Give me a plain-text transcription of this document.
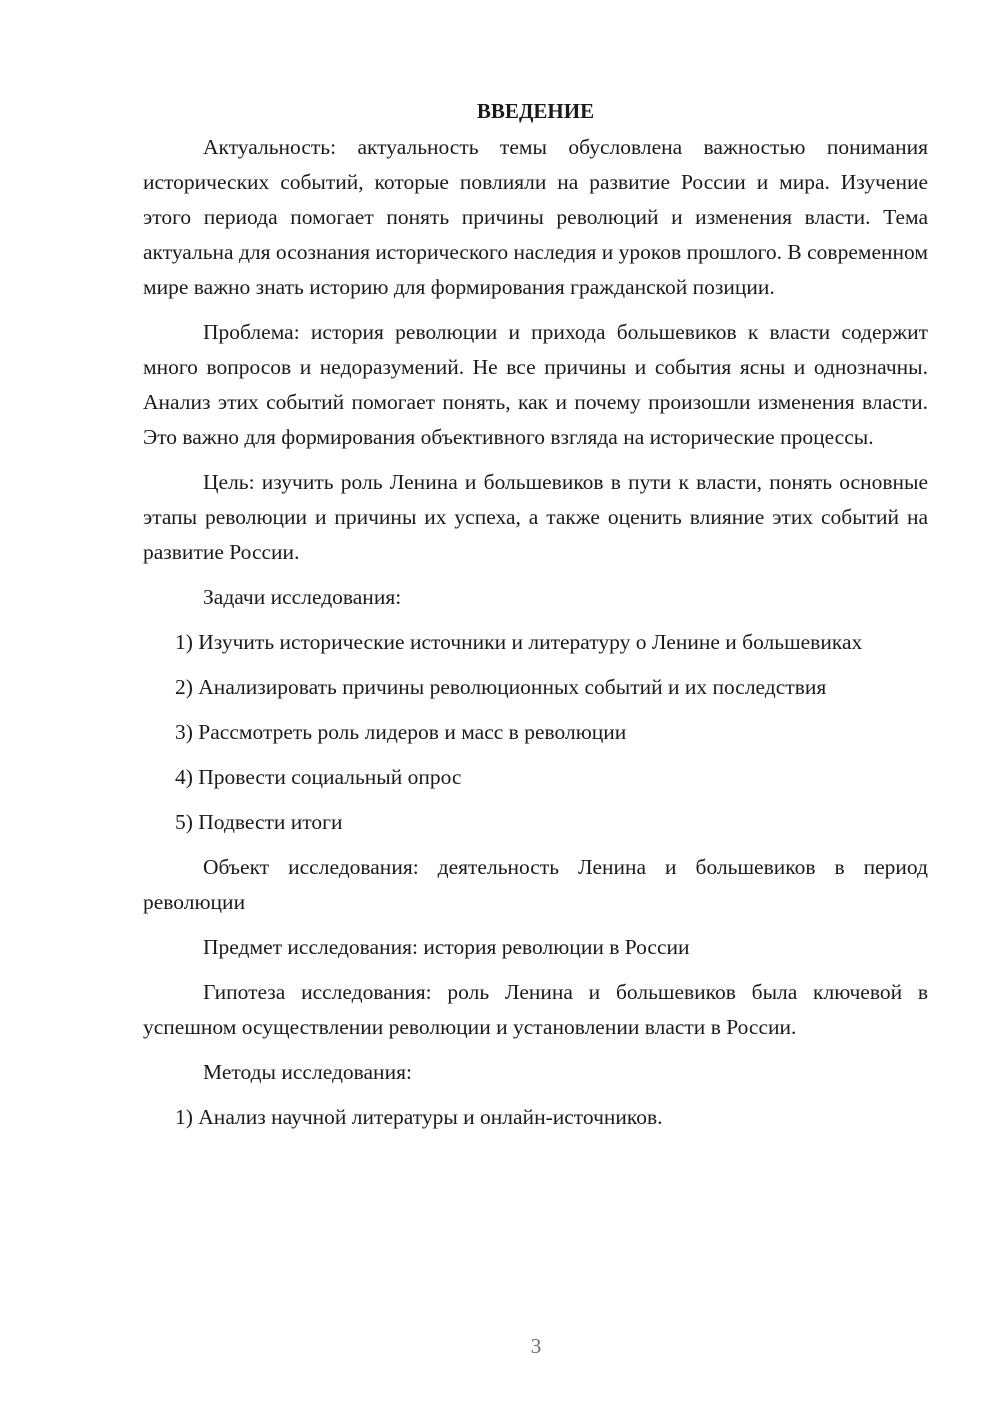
ВВЕДЕНИЕ

Актуальность: актуальность темы обусловлена важностью понимания исторических событий, которые повлияли на развитие России и мира. Изучение этого периода помогает понять причины революций и изменения власти. Тема актуальна для осознания исторического наследия и уроков прошлого. В современном мире важно знать историю для формирования гражданской позиции.

Проблема: история революции и прихода большевиков к власти содержит много вопросов и недоразумений. Не все причины и события ясны и однозначны. Анализ этих событий помогает понять, как и почему произошли изменения власти. Это важно для формирования объективного взгляда на исторические процессы.

Цель: изучить роль Ленина и большевиков в пути к власти, понять основные этапы революции и причины их успеха, а также оценить влияние этих событий на развитие России.

Задачи исследования:

1) Изучить исторические источники и литературу о Ленине и большевиках

2) Анализировать причины революционных событий и их последствия

3) Рассмотреть роль лидеров и масс в революции

4) Провести социальный опрос

5) Подвести итоги

Объект исследования: деятельность Ленина и большевиков в период революции

Предмет исследования: история революции в России

Гипотеза исследования: роль Ленина и большевиков была ключевой в успешном осуществлении революции и установлении власти в России.

Методы исследования:

1) Анализ научной литературы и онлайн-источников.

3
